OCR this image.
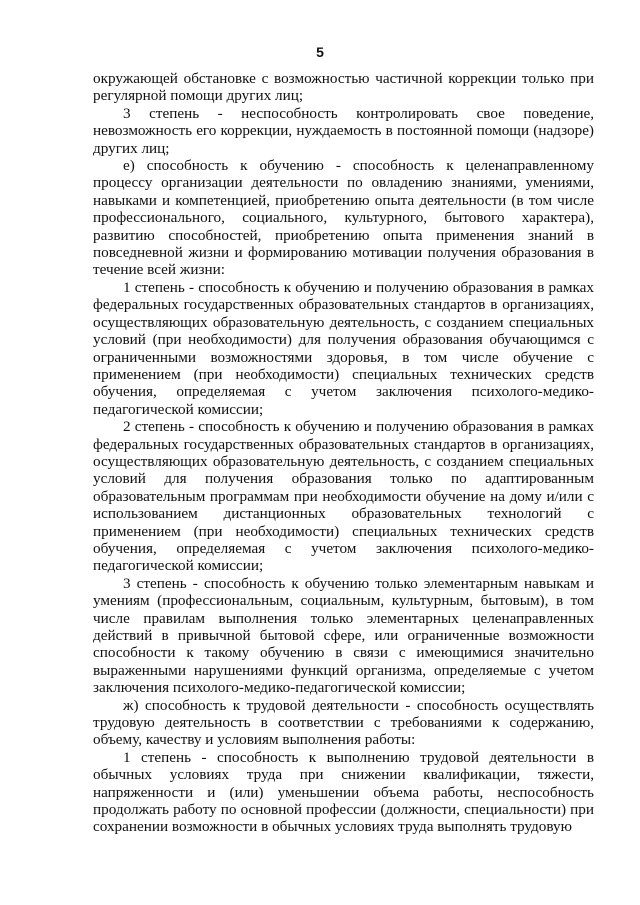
5

окружающей обстановке с возможностью частичной коррекции только при регулярной помощи других лиц;

3 степень - неспособность контролировать свое поведение, невозможность его коррекции, нуждаемость в постоянной помощи (надзоре) других лиц;

е) способность к обучению - способность к целенаправленному процессу организации деятельности по овладению знаниями, умениями, навыками и компетенцией, приобретению опыта деятельности (в том числе профессионального, социального, культурного, бытового характера), развитию способностей, приобретению опыта применения знаний в повседневной жизни и формированию мотивации получения образования в течение всей жизни:

1 степень - способность к обучению и получению образования в рамках федеральных государственных образовательных стандартов в организациях, осуществляющих образовательную деятельность, с созданием специальных условий (при необходимости) для получения образования обучающимся с ограниченными возможностями здоровья, в том числе обучение с применением (при необходимости) специальных технических средств обучения, определяемая с учетом заключения психолого-медико-педагогической комиссии;

2 степень - способность к обучению и получению образования в рамках федеральных государственных образовательных стандартов в организациях, осуществляющих образовательную деятельность, с созданием специальных условий для получения образования только по адаптированным образовательным программам при необходимости обучение на дому и/или с использованием дистанционных образовательных технологий с применением (при необходимости) специальных технических средств обучения, определяемая с учетом заключения психолого-медико-педагогической комиссии;

3 степень - способность к обучению только элементарным навыкам и умениям (профессиональным, социальным, культурным, бытовым), в том числе правилам выполнения только элементарных целенаправленных действий в привычной бытовой сфере, или ограниченные возможности способности к такому обучению в связи с имеющимися значительно выраженными нарушениями функций организма, определяемые с учетом заключения психолого-медико-педагогической комиссии;

ж) способность к трудовой деятельности - способность осуществлять трудовую деятельность в соответствии с требованиями к содержанию, объему, качеству и условиям выполнения работы:

1 степень - способность к выполнению трудовой деятельности в обычных условиях труда при снижении квалификации, тяжести, напряженности и (или) уменьшении объема работы, неспособность продолжать работу по основной профессии (должности, специальности) при сохранении возможности в обычных условиях труда выполнять трудовую
